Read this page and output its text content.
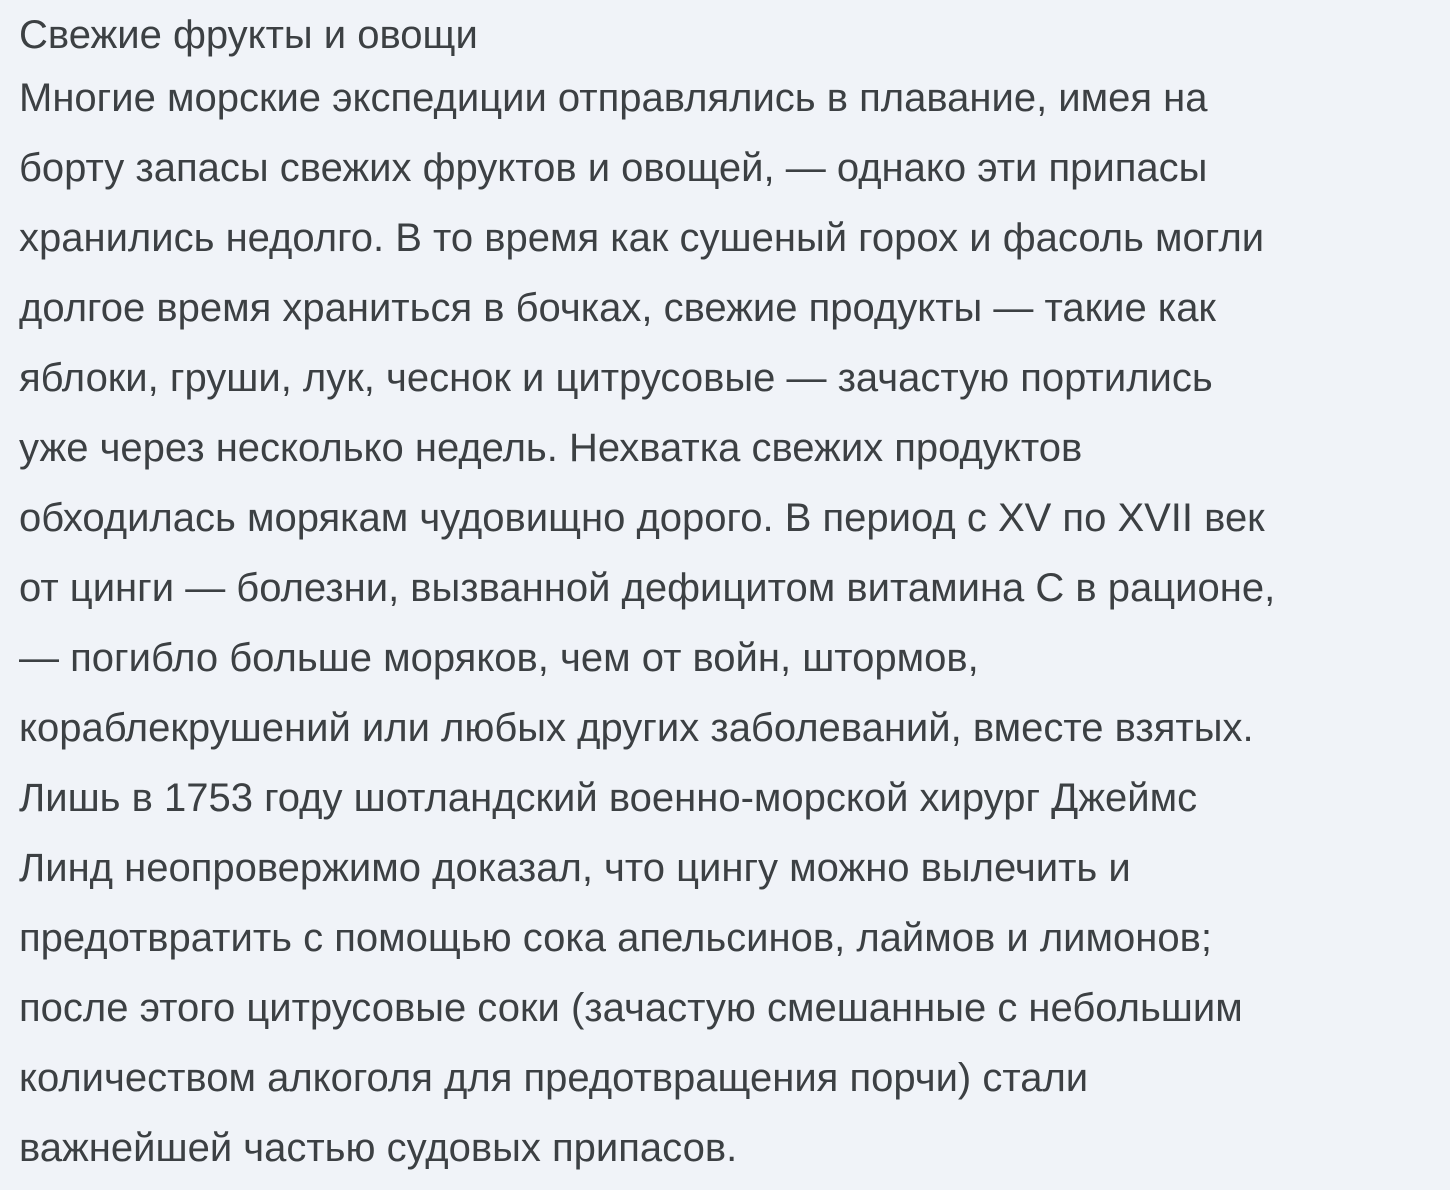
Свежие фрукты и овощи
Многие морские экспедиции отправлялись в плавание, имея на
борту запасы свежих фруктов и овощей, — однако эти припасы
хранились недолго. В то время как сушеный горох и фасоль могли
долгое время храниться в бочках, свежие продукты — такие как
яблоки, груши, лук, чеснок и цитрусовые — зачастую портились
уже через несколько недель. Нехватка свежих продуктов
обходилась морякам чудовищно дорого. В период с XV по XVII век
от цинги — болезни, вызванной дефицитом витамина C в рационе,
— погибло больше моряков, чем от войн, штормов,
кораблекрушений или любых других заболеваний, вместе взятых.
Лишь в 1753 году шотландский военно-морской хирург Джеймс
Линд неопровержимо доказал, что цингу можно вылечить и
предотвратить с помощью сока апельсинов, лаймов и лимонов;
после этого цитрусовые соки (зачастую смешанные с небольшим
количеством алкоголя для предотвращения порчи) стали
важнейшей частью судовых припасов.
